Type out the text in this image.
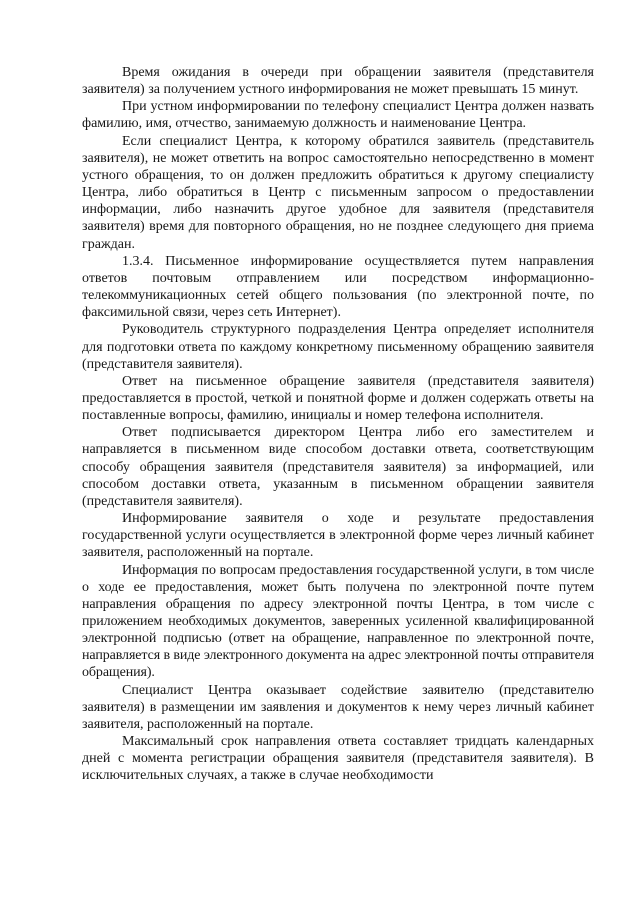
Время ожидания в очереди при обращении заявителя (представителя заявителя) за получением устного информирования не может превышать 15 минут.

При устном информировании по телефону специалист Центра должен назвать фамилию, имя, отчество, занимаемую должность и наименование Центра.

Если специалист Центра, к которому обратился заявитель (представитель заявителя), не может ответить на вопрос самостоятельно непосредственно в момент устного обращения, то он должен предложить обратиться к другому специалисту Центра, либо обратиться в Центр с письменным запросом о предоставлении информации, либо назначить другое удобное для заявителя (представителя заявителя) время для повторного обращения, но не позднее следующего дня приема граждан.

1.3.4. Письменное информирование осуществляется путем направления ответов почтовым отправлением или посредством информационно-телекоммуникационных сетей общего пользования (по электронной почте, по факсимильной связи, через сеть Интернет).

Руководитель структурного подразделения Центра определяет исполнителя для подготовки ответа по каждому конкретному письменному обращению заявителя (представителя заявителя).

Ответ на письменное обращение заявителя (представителя заявителя) предоставляется в простой, четкой и понятной форме и должен содержать ответы на поставленные вопросы, фамилию, инициалы и номер телефона исполнителя.

Ответ подписывается директором Центра либо его заместителем и направляется в письменном виде способом доставки ответа, соответствующим способу обращения заявителя (представителя заявителя) за информацией, или способом доставки ответа, указанным в письменном обращении заявителя (представителя заявителя).

Информирование заявителя о ходе и результате предоставления государственной услуги осуществляется в электронной форме через личный кабинет заявителя, расположенный на портале.

Информация по вопросам предоставления государственной услуги, в том числе о ходе ее предоставления, может быть получена по электронной почте путем направления обращения по адресу электронной почты Центра, в том числе с приложением необходимых документов, заверенных усиленной квалифицированной электронной подписью (ответ на обращение, направленное по электронной почте, направляется в виде электронного документа на адрес электронной почты отправителя обращения).

Специалист Центра оказывает содействие заявителю (представителю заявителя) в размещении им заявления и документов к нему через личный кабинет заявителя, расположенный на портале.

Максимальный срок направления ответа составляет тридцать календарных дней с момента регистрации обращения заявителя (представителя заявителя). В исключительных случаях, а также в случае необходимости
